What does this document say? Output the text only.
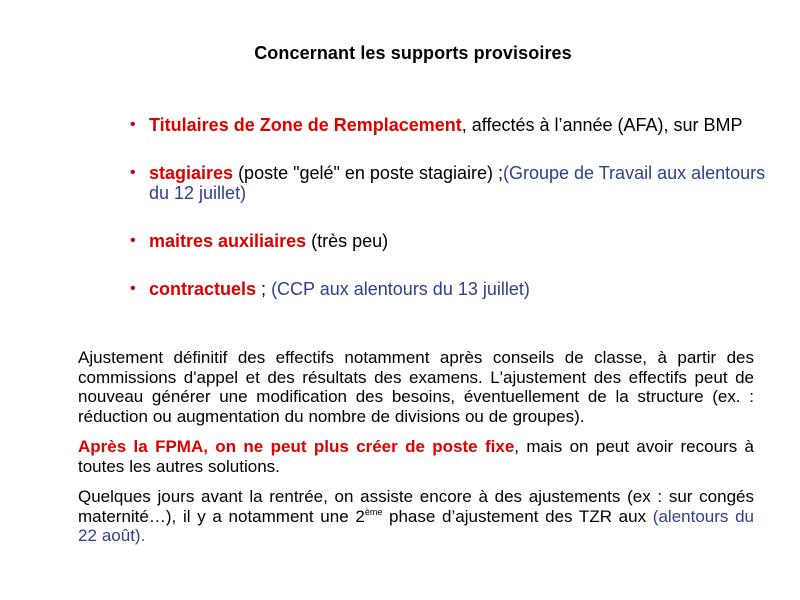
Concernant les supports provisoires
• Titulaires de Zone de Remplacement, affectés à l’année (AFA), sur BMP
• stagiaires (poste "gelé" en poste stagiaire) ;(Groupe de Travail aux alentours du 12 juillet)
• maitres auxiliaires (très peu)
• contractuels ; (CCP aux alentours du 13 juillet)

Ajustement définitif des effectifs notamment après conseils de classe, à partir des commissions d'appel et des résultats des examens. L'ajustement des effectifs peut de nouveau générer une modification des besoins, éventuellement de la structure (ex. : réduction ou augmentation du nombre de divisions ou de groupes).

Après la FPMA, on ne peut plus créer de poste fixe, mais on peut avoir recours à toutes les autres solutions.

Quelques jours avant la rentrée, on assiste encore à des ajustements (ex : sur congés maternité…), il y a notamment une 2ème phase d’ajustement des TZR aux (alentours du 22 août).
